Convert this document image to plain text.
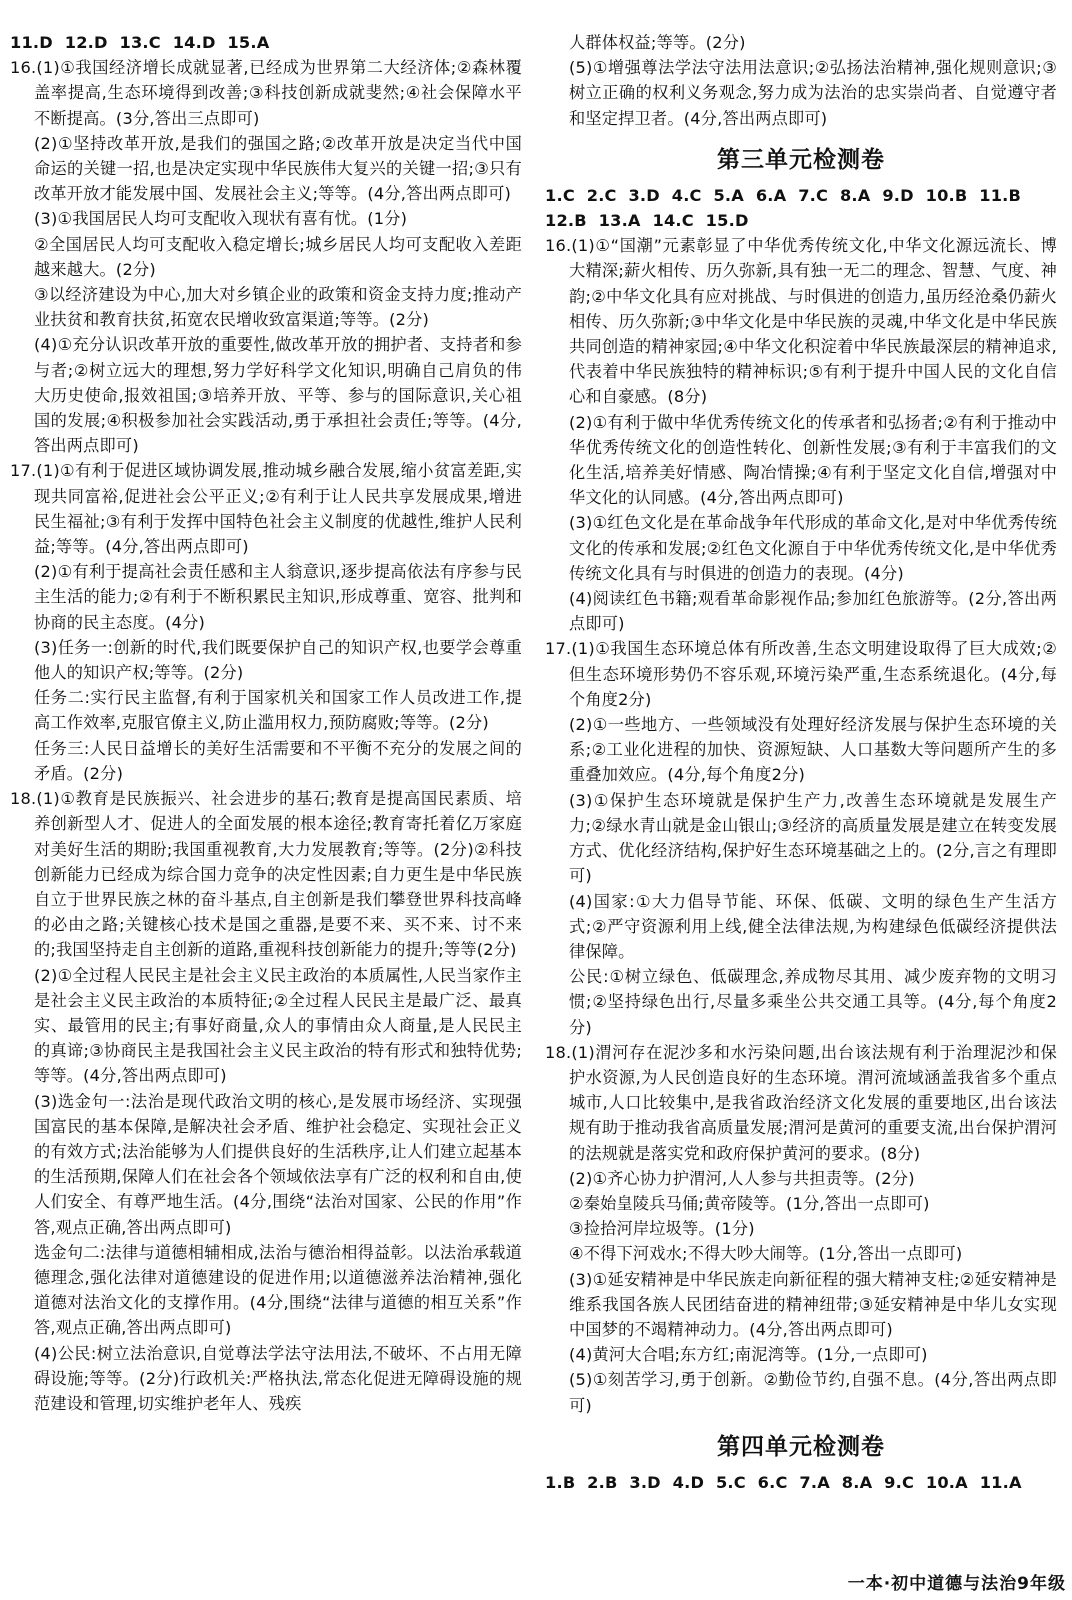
11.D 12.D 13.C 14.D 15.A

16.(1)①我国经济增长成就显著,已经成为世界第二大经济体;②森林覆盖率提高,生态环境得到改善;③科技创新成就斐然;④社会保障水平不断提高。(3分,答出三点即可)

(2)①坚持改革开放,是我们的强国之路;②改革开放是决定当代中国命运的关键一招,也是决定实现中华民族伟大复兴的关键一招;③只有改革开放才能发展中国、发展社会主义;等等。(4分,答出两点即可)

(3)①我国居民人均可支配收入现状有喜有忧。(1分)

②全国居民人均可支配收入稳定增长;城乡居民人均可支配收入差距越来越大。(2分)

③以经济建设为中心,加大对乡镇企业的政策和资金支持力度;推动产业扶贫和教育扶贫,拓宽农民增收致富渠道;等等。(2分)

(4)①充分认识改革开放的重要性,做改革开放的拥护者、支持者和参与者;②树立远大的理想,努力学好科学文化知识,明确自己肩负的伟大历史使命,报效祖国;③培养开放、平等、参与的国际意识,关心祖国的发展;④积极参加社会实践活动,勇于承担社会责任;等等。(4分,答出两点即可)

17.(1)①有利于促进区域协调发展,推动城乡融合发展,缩小贫富差距,实现共同富裕,促进社会公平正义;②有利于让人民共享发展成果,增进民生福祉;③有利于发挥中国特色社会主义制度的优越性,维护人民利益;等等。(4分,答出两点即可)

(2)①有利于提高社会责任感和主人翁意识,逐步提高依法有序参与民主生活的能力;②有利于不断积累民主知识,形成尊重、宽容、批判和协商的民主态度。(4分)

(3)任务一:创新的时代,我们既要保护自己的知识产权,也要学会尊重他人的知识产权;等等。(2分)

任务二:实行民主监督,有利于国家机关和国家工作人员改进工作,提高工作效率,克服官僚主义,防止滥用权力,预防腐败;等等。(2分)

任务三:人民日益增长的美好生活需要和不平衡不充分的发展之间的矛盾。(2分)

18.(1)①教育是民族振兴、社会进步的基石;教育是提高国民素质、培养创新型人才、促进人的全面发展的根本途径;教育寄托着亿万家庭对美好生活的期盼;我国重视教育,大力发展教育;等等。(2分)②科技创新能力已经成为综合国力竞争的决定性因素;自力更生是中华民族自立于世界民族之林的奋斗基点,自主创新是我们攀登世界科技高峰的必由之路;关键核心技术是国之重器,是要不来、买不来、讨不来的;我国坚持走自主创新的道路,重视科技创新能力的提升;等等(2分)

(2)①全过程人民民主是社会主义民主政治的本质属性,人民当家作主是社会主义民主政治的本质特征;②全过程人民民主是最广泛、最真实、最管用的民主;有事好商量,众人的事情由众人商量,是人民民主的真谛;③协商民主是我国社会主义民主政治的特有形式和独特优势;等等。(4分,答出两点即可)

(3)选金句一:法治是现代政治文明的核心,是发展市场经济、实现强国富民的基本保障,是解决社会矛盾、维护社会稳定、实现社会正义的有效方式;法治能够为人们提供良好的生活秩序,让人们建立起基本的生活预期,保障人们在社会各个领域依法享有广泛的权利和自由,使人们安全、有尊严地生活。(4分,围绕“法治对国家、公民的作用”作答,观点正确,答出两点即可)

选金句二:法律与道德相辅相成,法治与德治相得益彰。以法治承载道德理念,强化法律对道德建设的促进作用;以道德滋养法治精神,强化道德对法治文化的支撑作用。(4分,围绕“法律与道德的相互关系”作答,观点正确,答出两点即可)

(4)公民:树立法治意识,自觉尊法学法守法用法,不破坏、不占用无障碍设施;等等。(2分)行政机关:严格执法,常态化促进无障碍设施的规范建设和管理,切实维护老年人、残疾

人群体权益;等等。(2分)

(5)①增强尊法学法守法用法意识;②弘扬法治精神,强化规则意识;③树立正确的权利义务观念,努力成为法治的忠实崇尚者、自觉遵守者和坚定捍卫者。(4分,答出两点即可)

第三单元检测卷

1.C 2.C 3.D 4.C 5.A 6.A 7.C 8.A 9.D 10.B 11.B

12.B 13.A 14.C 15.D

16.(1)①“国潮”元素彰显了中华优秀传统文化,中华文化源远流长、博大精深;薪火相传、历久弥新,具有独一无二的理念、智慧、气度、神韵;②中华文化具有应对挑战、与时俱进的创造力,虽历经沧桑仍薪火相传、历久弥新;③中华文化是中华民族的灵魂,中华文化是中华民族共同创造的精神家园;④中华文化积淀着中华民族最深层的精神追求,代表着中华民族独特的精神标识;⑤有利于提升中国人民的文化自信心和自豪感。(8分)

(2)①有利于做中华优秀传统文化的传承者和弘扬者;②有利于推动中华优秀传统文化的创造性转化、创新性发展;③有利于丰富我们的文化生活,培养美好情感、陶冶情操;④有利于坚定文化自信,增强对中华文化的认同感。(4分,答出两点即可)

(3)①红色文化是在革命战争年代形成的革命文化,是对中华优秀传统文化的传承和发展;②红色文化源自于中华优秀传统文化,是中华优秀传统文化具有与时俱进的创造力的表现。(4分)

(4)阅读红色书籍;观看革命影视作品;参加红色旅游等。(2分,答出两点即可)

17.(1)①我国生态环境总体有所改善,生态文明建设取得了巨大成效;②但生态环境形势仍不容乐观,环境污染严重,生态系统退化。(4分,每个角度2分)

(2)①一些地方、一些领域没有处理好经济发展与保护生态环境的关系;②工业化进程的加快、资源短缺、人口基数大等问题所产生的多重叠加效应。(4分,每个角度2分)

(3)①保护生态环境就是保护生产力,改善生态环境就是发展生产力;②绿水青山就是金山银山;③经济的高质量发展是建立在转变发展方式、优化经济结构,保护好生态环境基础之上的。(2分,言之有理即可)

(4)国家:①大力倡导节能、环保、低碳、文明的绿色生产生活方式;②严守资源利用上线,健全法律法规,为构建绿色低碳经济提供法律保障。

公民:①树立绿色、低碳理念,养成物尽其用、减少废弃物的文明习惯;②坚持绿色出行,尽量多乘坐公共交通工具等。(4分,每个角度2分)

18.(1)渭河存在泥沙多和水污染问题,出台该法规有利于治理泥沙和保护水资源,为人民创造良好的生态环境。渭河流域涵盖我省多个重点城市,人口比较集中,是我省政治经济文化发展的重要地区,出台该法规有助于推动我省高质量发展;渭河是黄河的重要支流,出台保护渭河的法规就是落实党和政府保护黄河的要求。(8分)

(2)①齐心协力护渭河,人人参与共担责等。(2分)

②秦始皇陵兵马俑;黄帝陵等。(1分,答出一点即可)

③捡拾河岸垃圾等。(1分)

④不得下河戏水;不得大吵大闹等。(1分,答出一点即可)

(3)①延安精神是中华民族走向新征程的强大精神支柱;②延安精神是维系我国各族人民团结奋进的精神纽带;③延安精神是中华儿女实现中国梦的不竭精神动力。(4分,答出两点即可)

(4)黄河大合唱;东方红;南泥湾等。(1分,一点即可)

(5)①刻苦学习,勇于创新。②勤俭节约,自强不息。(4分,答出两点即可)

第四单元检测卷

1.B 2.B 3.D 4.D 5.C 6.C 7.A 8.A 9.C 10.A 11.A

一本·初中道德与法治9年级
